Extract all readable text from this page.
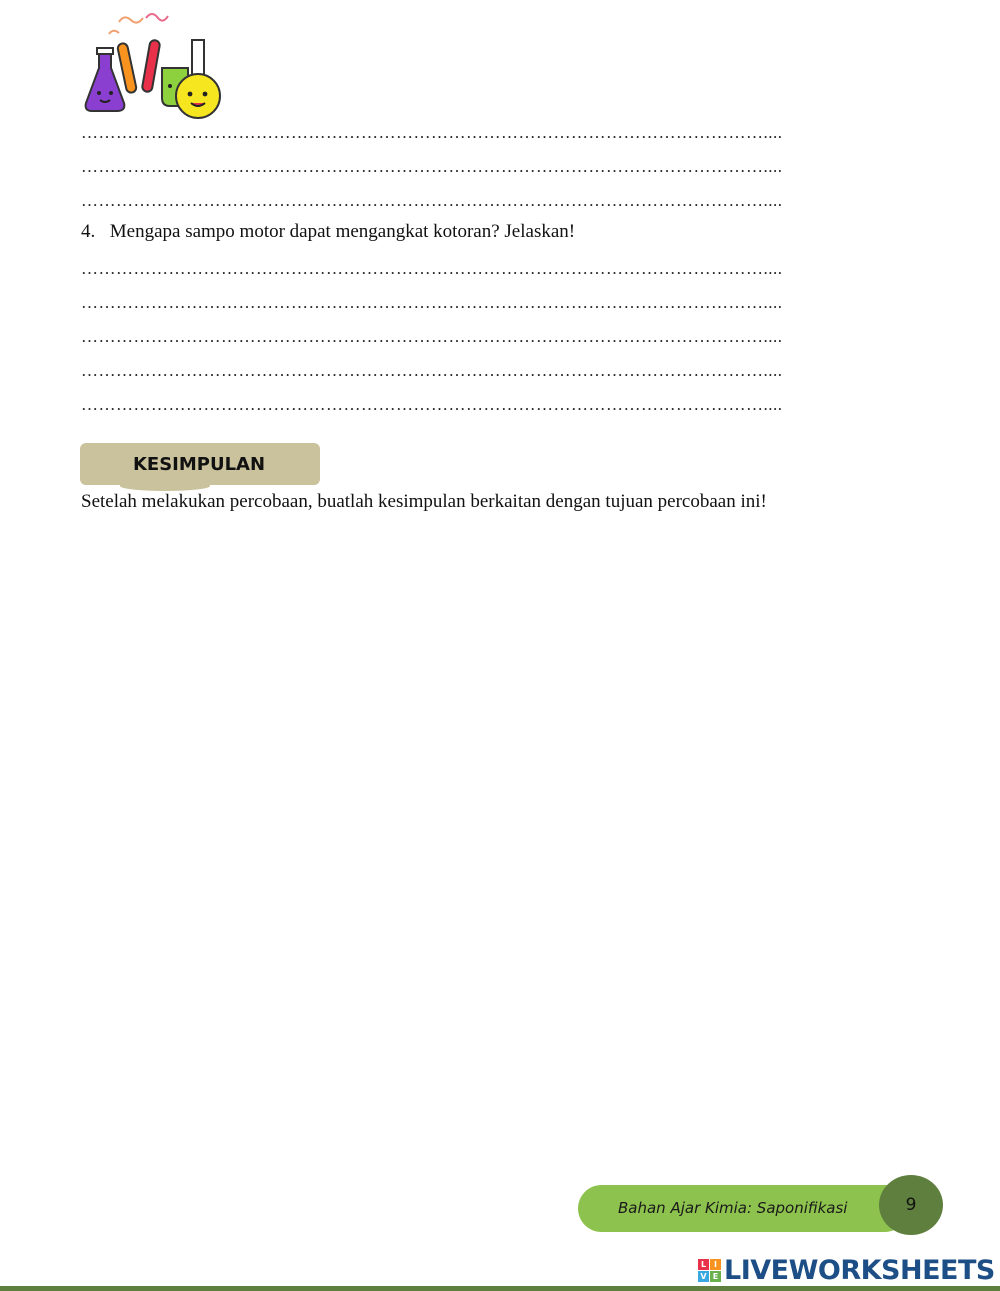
………………………………………………………………………………………………………....
………………………………………………………………………………………………………....
………………………………………………………………………………………………………....
4. Mengapa sampo motor dapat mengangkat kotoran? Jelaskan!
………………………………………………………………………………………………………....
………………………………………………………………………………………………………....
………………………………………………………………………………………………………....
………………………………………………………………………………………………………....
………………………………………………………………………………………………………....
KESIMPULAN
Setelah melakukan percobaan, buatlah kesimpulan berkaitan dengan tujuan percobaan ini!
Bahan Ajar Kimia: Saponifikasi	9
L I
V E LIVEWORKSHEETS
